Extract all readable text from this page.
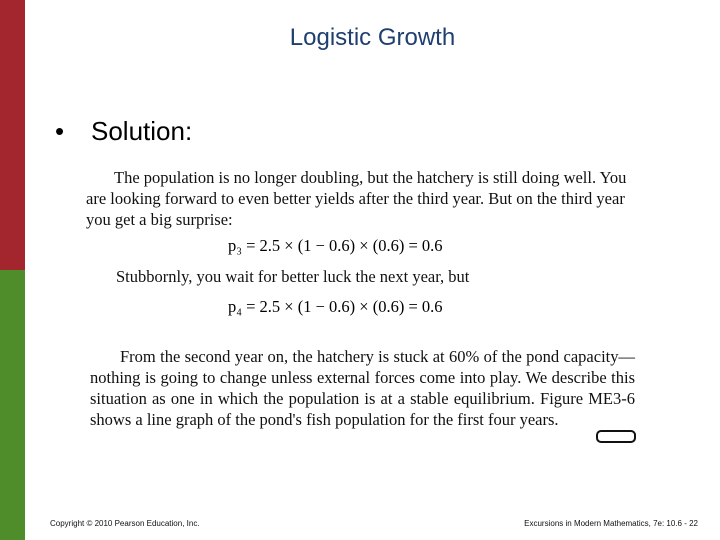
Logistic Growth
• Solution:
The population is no longer doubling, but the hatchery is still doing well. You are looking forward to even better yields after the third year. But on the third year you get a big surprise:
p₃ = 2.5 × (1 − 0.6) × (0.6) = 0.6
Stubbornly, you wait for better luck the next year, but
p₄ = 2.5 × (1 − 0.6) × (0.6) = 0.6
From the second year on, the hatchery is stuck at 60% of the pond capacity—nothing is going to change unless external forces come into play. We describe this situation as one in which the population is at a stable equilibrium. Figure ME3-6 shows a line graph of the pond's fish population for the first four years.
Copyright © 2010 Pearson Education, Inc.	Excursions in Modern Mathematics, 7e: 10.6 - 22
